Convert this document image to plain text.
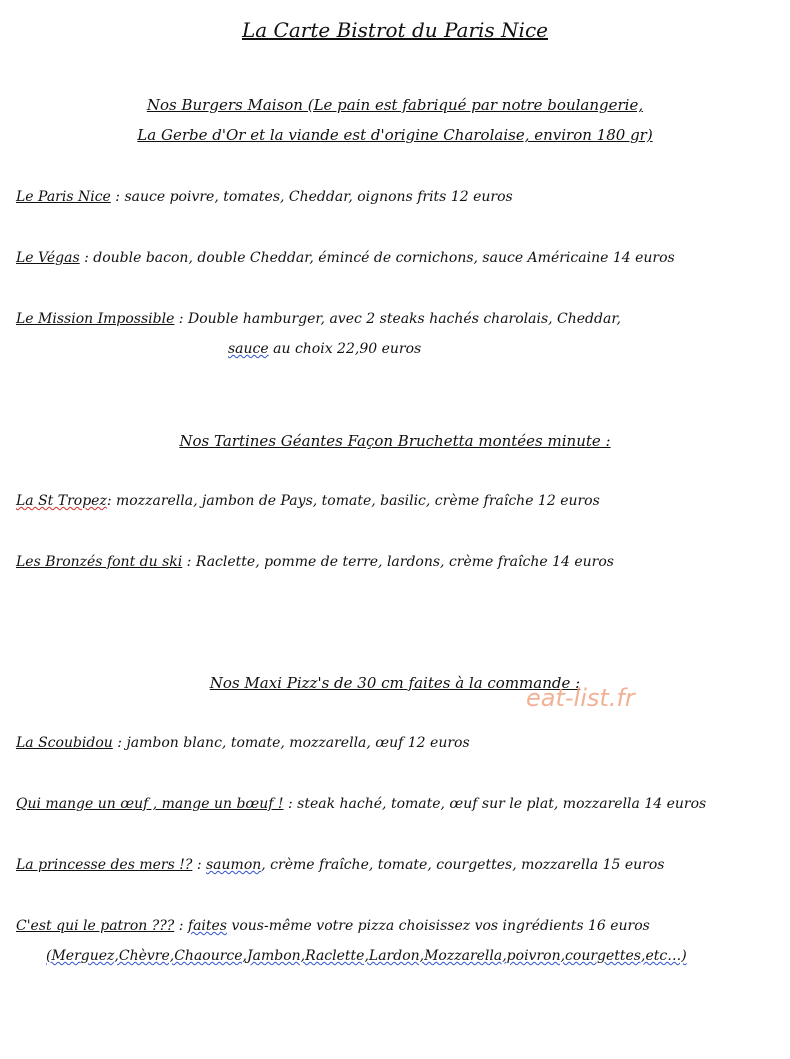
La Carte Bistrot du Paris Nice
Nos Burgers Maison (Le pain est fabriqué par notre boulangerie,
La Gerbe d'Or et la viande est d'origine Charolaise, environ 180 gr)
Le Paris Nice : sauce poivre, tomates, Cheddar, oignons frits 12 euros
Le Végas : double bacon, double Cheddar, émincé de cornichons, sauce Américaine 14 euros
Le Mission Impossible : Double hamburger, avec 2 steaks hachés charolais, Cheddar,
sauce au choix 22,90 euros
Nos Tartines Géantes Façon Bruchetta montées minute :
La St Tropez: mozzarella, jambon de Pays, tomate, basilic, crème fraîche 12 euros
Les Bronzés font du ski : Raclette, pomme de terre, lardons, crème fraîche 14 euros
Nos Maxi Pizz's de 30 cm faites à la commande :
eat-list.fr
La Scoubidou : jambon blanc, tomate, mozzarella, œuf 12 euros
Qui mange un œuf , mange un bœuf ! : steak haché, tomate, œuf sur le plat, mozzarella 14 euros
La princesse des mers !? : saumon, crème fraîche, tomate, courgettes, mozzarella 15 euros
C'est qui le patron ??? : faites vous-même votre pizza choisissez vos ingrédients 16 euros
(Merguez,Chèvre,Chaource,Jambon,Raclette,Lardon,Mozzarella,poivron,courgettes,etc…)
